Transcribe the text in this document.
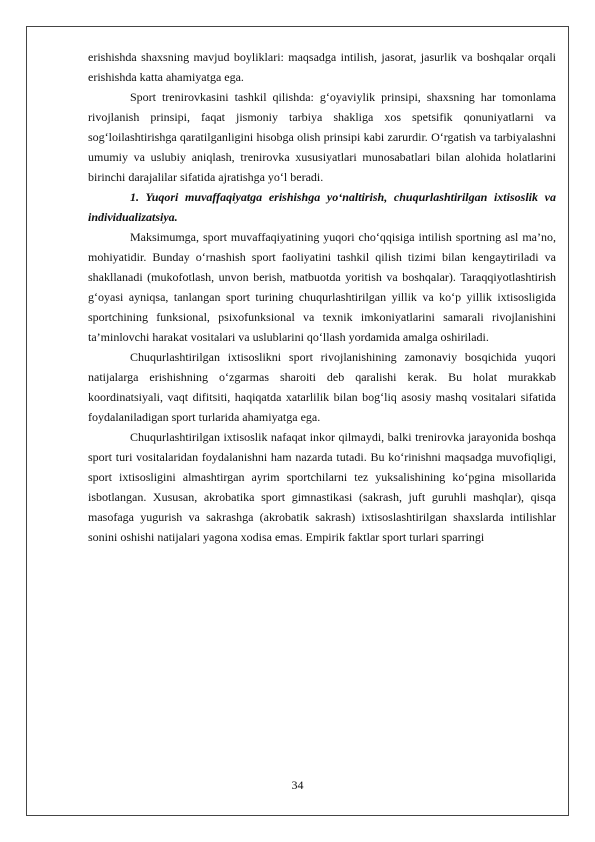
erishishda shaxsning mavjud boyliklari: maqsadga intilish, jasorat, jasurlik va boshqalar orqali erishishda katta ahamiyatga ega.

Sport trenirovkasini tashkil qilishda: g‘oyaviylik prinsipi, shaxsning har tomonlama rivojlanish prinsipi, faqat jismoniy tarbiya shakliga xos spetsifik qonuniyatlarni va sog‘loilashtirishga qaratilganligini hisobga olish prinsipi kabi zarurdir. O‘rgatish va tarbiyalashni umumiy va uslubiy aniqlash, trenirovka xususiyatlari munosabatlari bilan alohida holatlarini birinchi darajalilar sifatida ajratishga yo‘l beradi.

1. Yuqori muvaffaqiyatga erishishga yo‘naltirish, chuqurlashtirilgan ixtisoslik va individualizatsiya.

Maksimumga, sport muvaffaqiyatining yuqori cho‘qqisiga intilish sportning asl ma’no, mohiyatidir. Bunday o‘rnashish sport faoliyatini tashkil qilish tizimi bilan kengaytiriladi va shakllanadi (mukofotlash, unvon berish, matbuotda yoritish va boshqalar). Taraqqiyotlashtirish g‘oyasi ayniqsa, tanlangan sport turining chuqurlashtirilgan yillik va ko‘p yillik ixtisosligida sportchining funksional, psixofunksional va texnik imkoniyatlarini samarali rivojlanishini ta’minlovchi harakat vositalari va uslublarini qo‘llash yordamida amalga oshiriladi.

Chuqurlashtirilgan ixtisoslikni sport rivojlanishining zamonaviy bosqichida yuqori natijalarga erishishning o‘zgarmas sharoiti deb qaralishi kerak. Bu holat murakkab koordinatsiyali, vaqt difitsiti, haqiqatda xatarlilik bilan bog‘liq asosiy mashq vositalari sifatida foydalaniladigan sport turlarida ahamiyatga ega.

Chuqurlashtirilgan ixtisoslik nafaqat inkor qilmaydi, balki trenirovka jarayonida boshqa sport turi vositalaridan foydalanishni ham nazarda tutadi. Bu ko‘rinishni maqsadga muvofiqligi, sport ixtisosligini almashtirgan ayrim sportchilarni tez yuksalishining ko‘pgina misollarida isbotlangan. Xususan, akrobatika sport gimnastikasi (sakrash, juft guruhli mashqlar), qisqa masofaga yugurish va sakrashga (akrobatik sakrash) ixtisoslashtirilgan shaxslarda intilishlar sonini oshishi natijalari yagona xodisa emas. Empirik faktlar sport turlari sparringi

34
